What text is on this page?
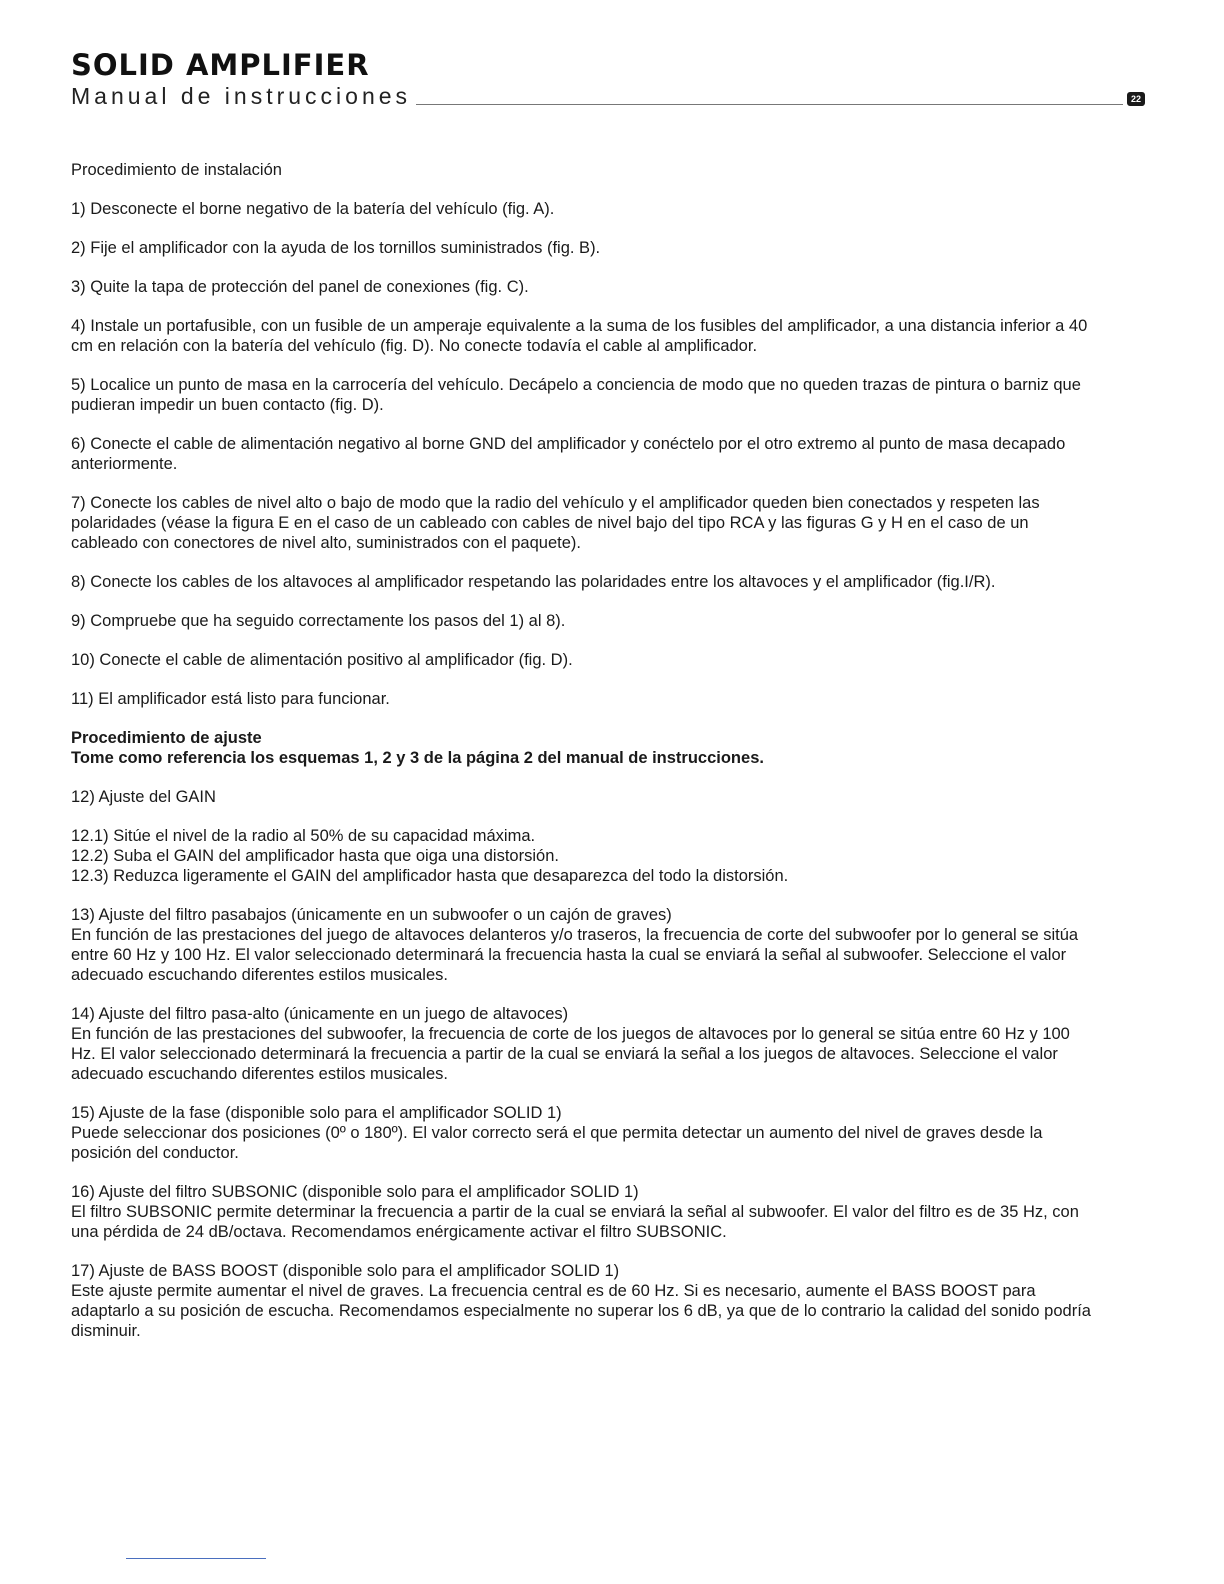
SOLID AMPLIFIER
Manual de instrucciones	22

Procedimiento de instalación

1) Desconecte el borne negativo de la batería del vehículo (fig. A).

2) Fije el amplificador con la ayuda de los tornillos suministrados (fig. B).

3) Quite la tapa de protección del panel de conexiones (fig. C).

4) Instale un portafusible, con un fusible de un amperaje equivalente a la suma de los fusibles del amplificador, a una distancia inferior a 40 cm en relación con la batería del vehículo (fig. D). No conecte todavía el cable al amplificador.

5) Localice un punto de masa en la carrocería del vehículo. Decápelo a conciencia de modo que no queden trazas de pintura o barniz que pudieran impedir un buen contacto (fig. D).

6) Conecte el cable de alimentación negativo al borne GND del amplificador y conéctelo por el otro extremo al punto de masa decapado anteriormente.

7) Conecte los cables de nivel alto o bajo de modo que la radio del vehículo y el amplificador queden bien conectados y respeten las polaridades (véase la figura E en el caso de un cableado con cables de nivel bajo del tipo RCA y las figuras G y H en el caso de un cableado con conectores de nivel alto, suministrados con el paquete).

8) Conecte los cables de los altavoces al amplificador respetando las polaridades entre los altavoces y el amplificador (fig.I/R).

9) Compruebe que ha seguido correctamente los pasos del 1) al 8).

10) Conecte el cable de alimentación positivo al amplificador (fig. D).

11) El amplificador está listo para funcionar.

Procedimiento de ajuste

Tome como referencia los esquemas 1, 2 y 3 de la página 2 del manual de instrucciones.

12) Ajuste del GAIN

12.1) Sitúe el nivel de la radio al 50% de su capacidad máxima.

12.2) Suba el GAIN del amplificador hasta que oiga una distorsión.

12.3) Reduzca ligeramente el GAIN del amplificador hasta que desaparezca del todo la distorsión.

13) Ajuste del filtro pasabajos (únicamente en un subwoofer o un cajón de graves)

En función de las prestaciones del juego de altavoces delanteros y/o traseros, la frecuencia de corte del subwoofer por lo general se sitúa entre 60 Hz y 100 Hz. El valor seleccionado determinará la frecuencia hasta la cual se enviará la señal al subwoofer. Seleccione el valor adecuado escuchando diferentes estilos musicales.

14) Ajuste del filtro pasa-alto (únicamente en un juego de altavoces)

En función de las prestaciones del subwoofer, la frecuencia de corte de los juegos de altavoces por lo general se sitúa entre 60 Hz y 100 Hz. El valor seleccionado determinará la frecuencia a partir de la cual se enviará la señal a los juegos de altavoces. Seleccione el valor adecuado escuchando diferentes estilos musicales.

15) Ajuste de la fase (disponible solo para el amplificador SOLID 1)

Puede seleccionar dos posiciones (0º o 180º). El valor correcto será el que permita detectar un aumento del nivel de graves desde la posición del conductor.

16) Ajuste del filtro SUBSONIC (disponible solo para el amplificador SOLID 1)

El filtro SUBSONIC permite determinar la frecuencia a partir de la cual se enviará la señal al subwoofer. El valor del filtro es de 35 Hz, con una pérdida de 24 dB/octava. Recomendamos enérgicamente activar el filtro SUBSONIC.

17) Ajuste de BASS BOOST (disponible solo para el amplificador SOLID 1)

Este ajuste permite aumentar el nivel de graves. La frecuencia central es de 60 Hz. Si es necesario, aumente el BASS BOOST para adaptarlo a su posición de escucha. Recomendamos especialmente no superar los 6 dB, ya que de lo contrario la calidad del sonido podría disminuir.
